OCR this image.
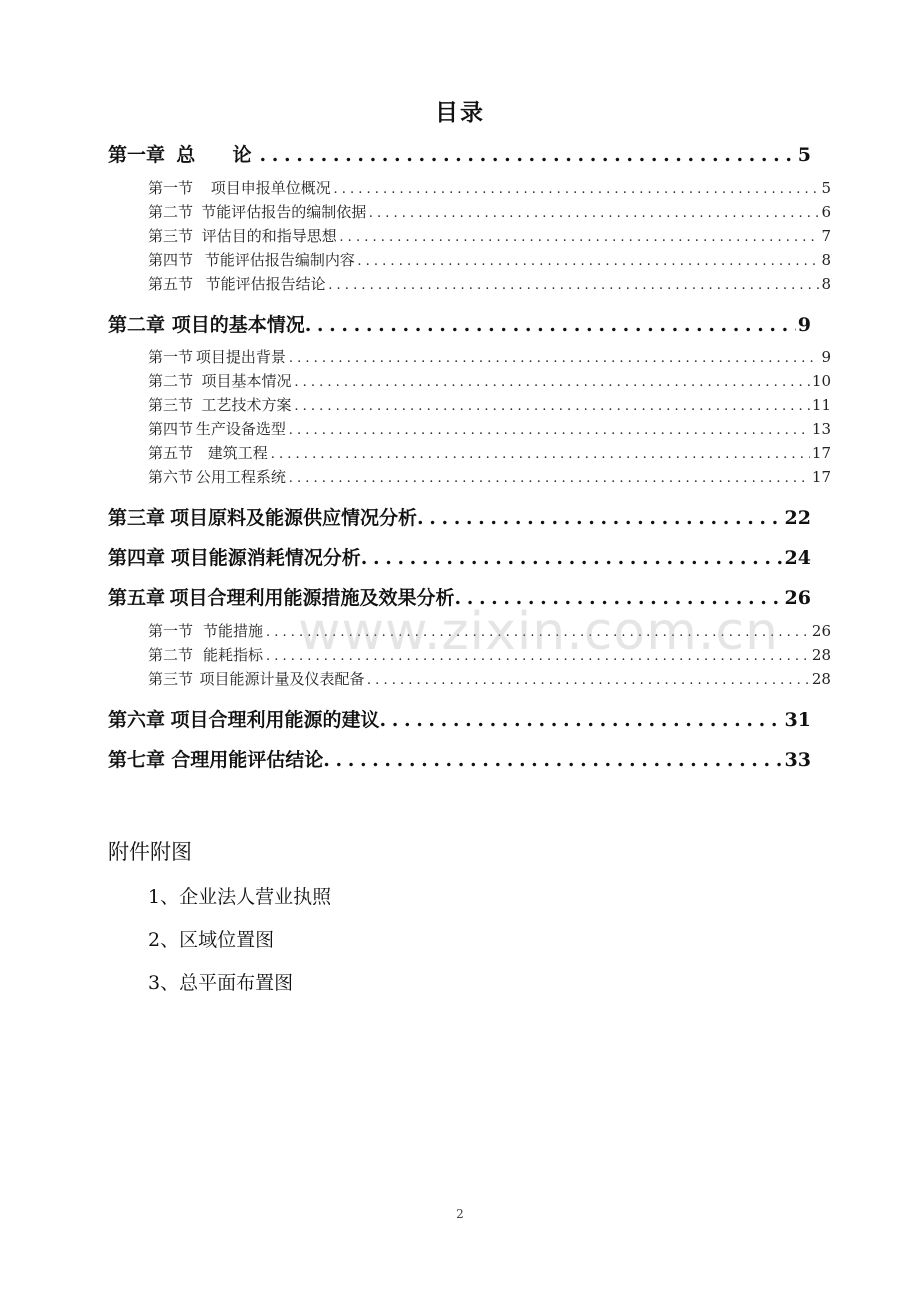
目录
第一章 总  论 . . .	5
第一节 项目申报单位概况 . . .	5
第二节 节能评估报告的编制依据 . . .	6
第三节 评估目的和指导思想 . . .	7
第四节 节能评估报告编制内容 . . .	8
第五节 节能评估报告结论 . . .	8
第二章 项目的基本情况 . . .	9
第一节 项目提出背景 . . .	9
第二节 项目基本情况 . . .	10
第三节 工艺技术方案 . . .	11
第四节 生产设备选型 . . .	13
第五节 建筑工程 . . .	17
第六节 公用工程系统 . . .	17
第三章 项目原料及能源供应情况分析 . . .	22
第四章 项目能源消耗情况分析 . . .	24
第五章 项目合理利用能源措施及效果分析 . . .	26
第一节 节能措施 . . .	26
第二节 能耗指标 . . .	28
第三节 项目能源计量及仪表配备 . . .	28
第六章 项目合理利用能源的建议 . . .	31
第七章 合理用能评估结论 . . .	33
附件附图
1、企业法人营业执照
2、区域位置图
3、总平面布置图
www.zixin.com.cn
2
